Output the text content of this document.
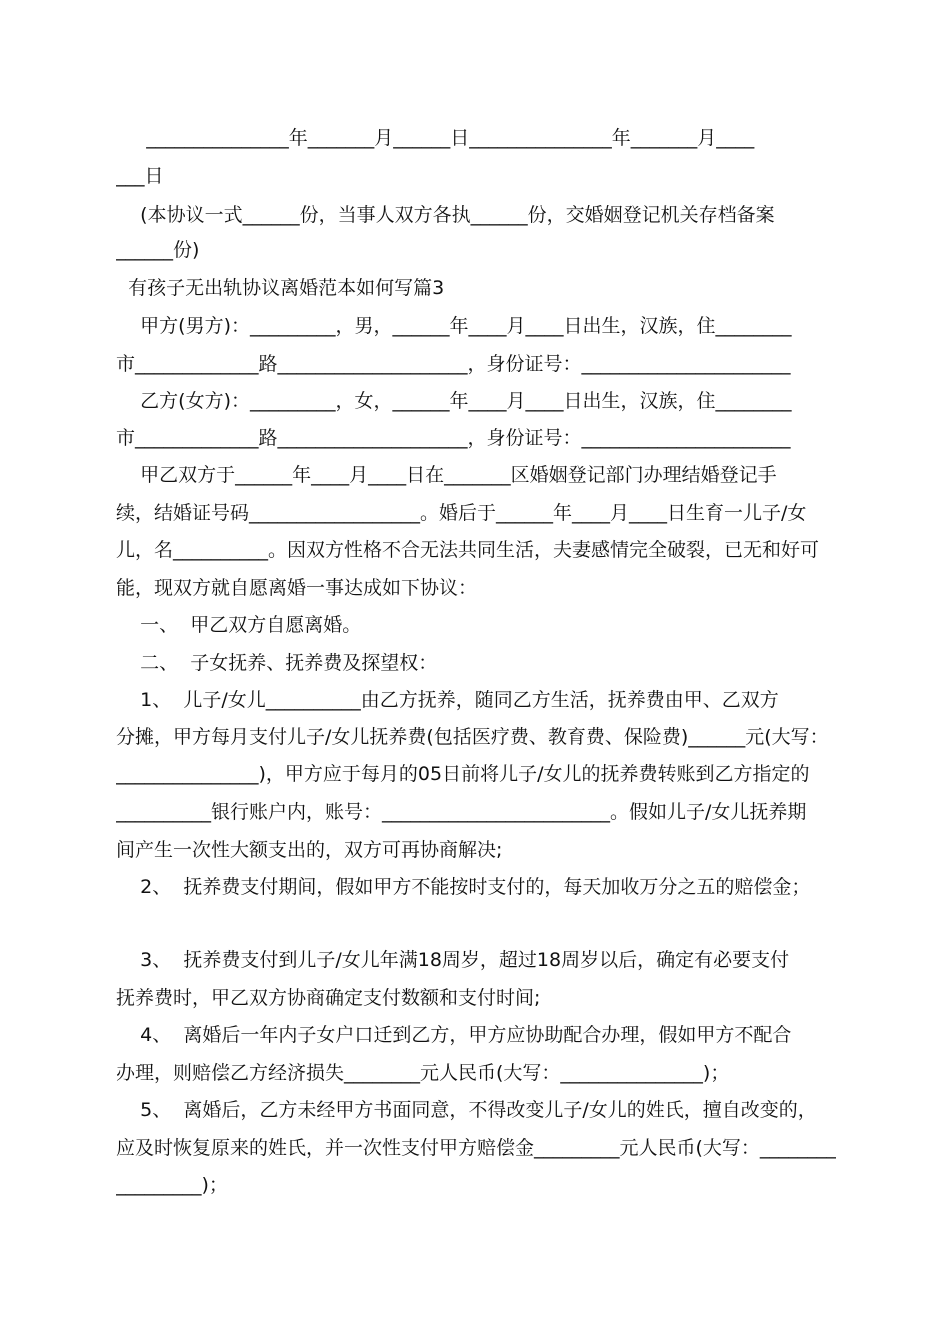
_______________年_______月______日_______________年_______月____
___日
(本协议一式______份，当事人双方各执______份，交婚姻登记机关存档备案
______份)
有孩子无出轨协议离婚范本如何写篇3
甲方(男方)：_________，男，______年____月____日出生，汉族，住________
市_____________路____________________，身份证号：______________________
乙方(女方)：_________，女，______年____月____日出生，汉族，住________
市_____________路____________________，身份证号：______________________
甲乙双方于______年____月____日在_______区婚姻登记部门办理结婚登记手
续，结婚证号码__________________。婚后于______年____月____日生育一儿子/女
儿，名__________。因双方性格不合无法共同生活，夫妻感情完全破裂，已无和好可
能，现双方就自愿离婚一事达成如下协议：
一、  甲乙双方自愿离婚。
二、  子女抚养、抚养费及探望权：
1、  儿子/女儿__________由乙方抚养，随同乙方生活，抚养费由甲、乙双方
分摊，甲方每月支付儿子/女儿抚养费(包括医疗费、教育费、保险费)______元(大写：
_______________)，甲方应于每月的05日前将儿子/女儿的抚养费转账到乙方指定的
__________银行账户内，账号：________________________。假如儿子/女儿抚养期
间产生一次性大额支出的，双方可再协商解决;
2、  抚养费支付期间，假如甲方不能按时支付的，每天加收万分之五的赔偿金；
3、  抚养费支付到儿子/女儿年满18周岁，超过18周岁以后，确定有必要支付
抚养费时，甲乙双方协商确定支付数额和支付时间;
4、  离婚后一年内子女户口迁到乙方，甲方应协助配合办理，假如甲方不配合
办理，则赔偿乙方经济损失________元人民币(大写：_______________)；
5、  离婚后，乙方未经甲方书面同意，不得改变儿子/女儿的姓氏，擅自改变的，
应及时恢复原来的姓氏，并一次性支付甲方赔偿金_________元人民币(大写：________
_________)；
